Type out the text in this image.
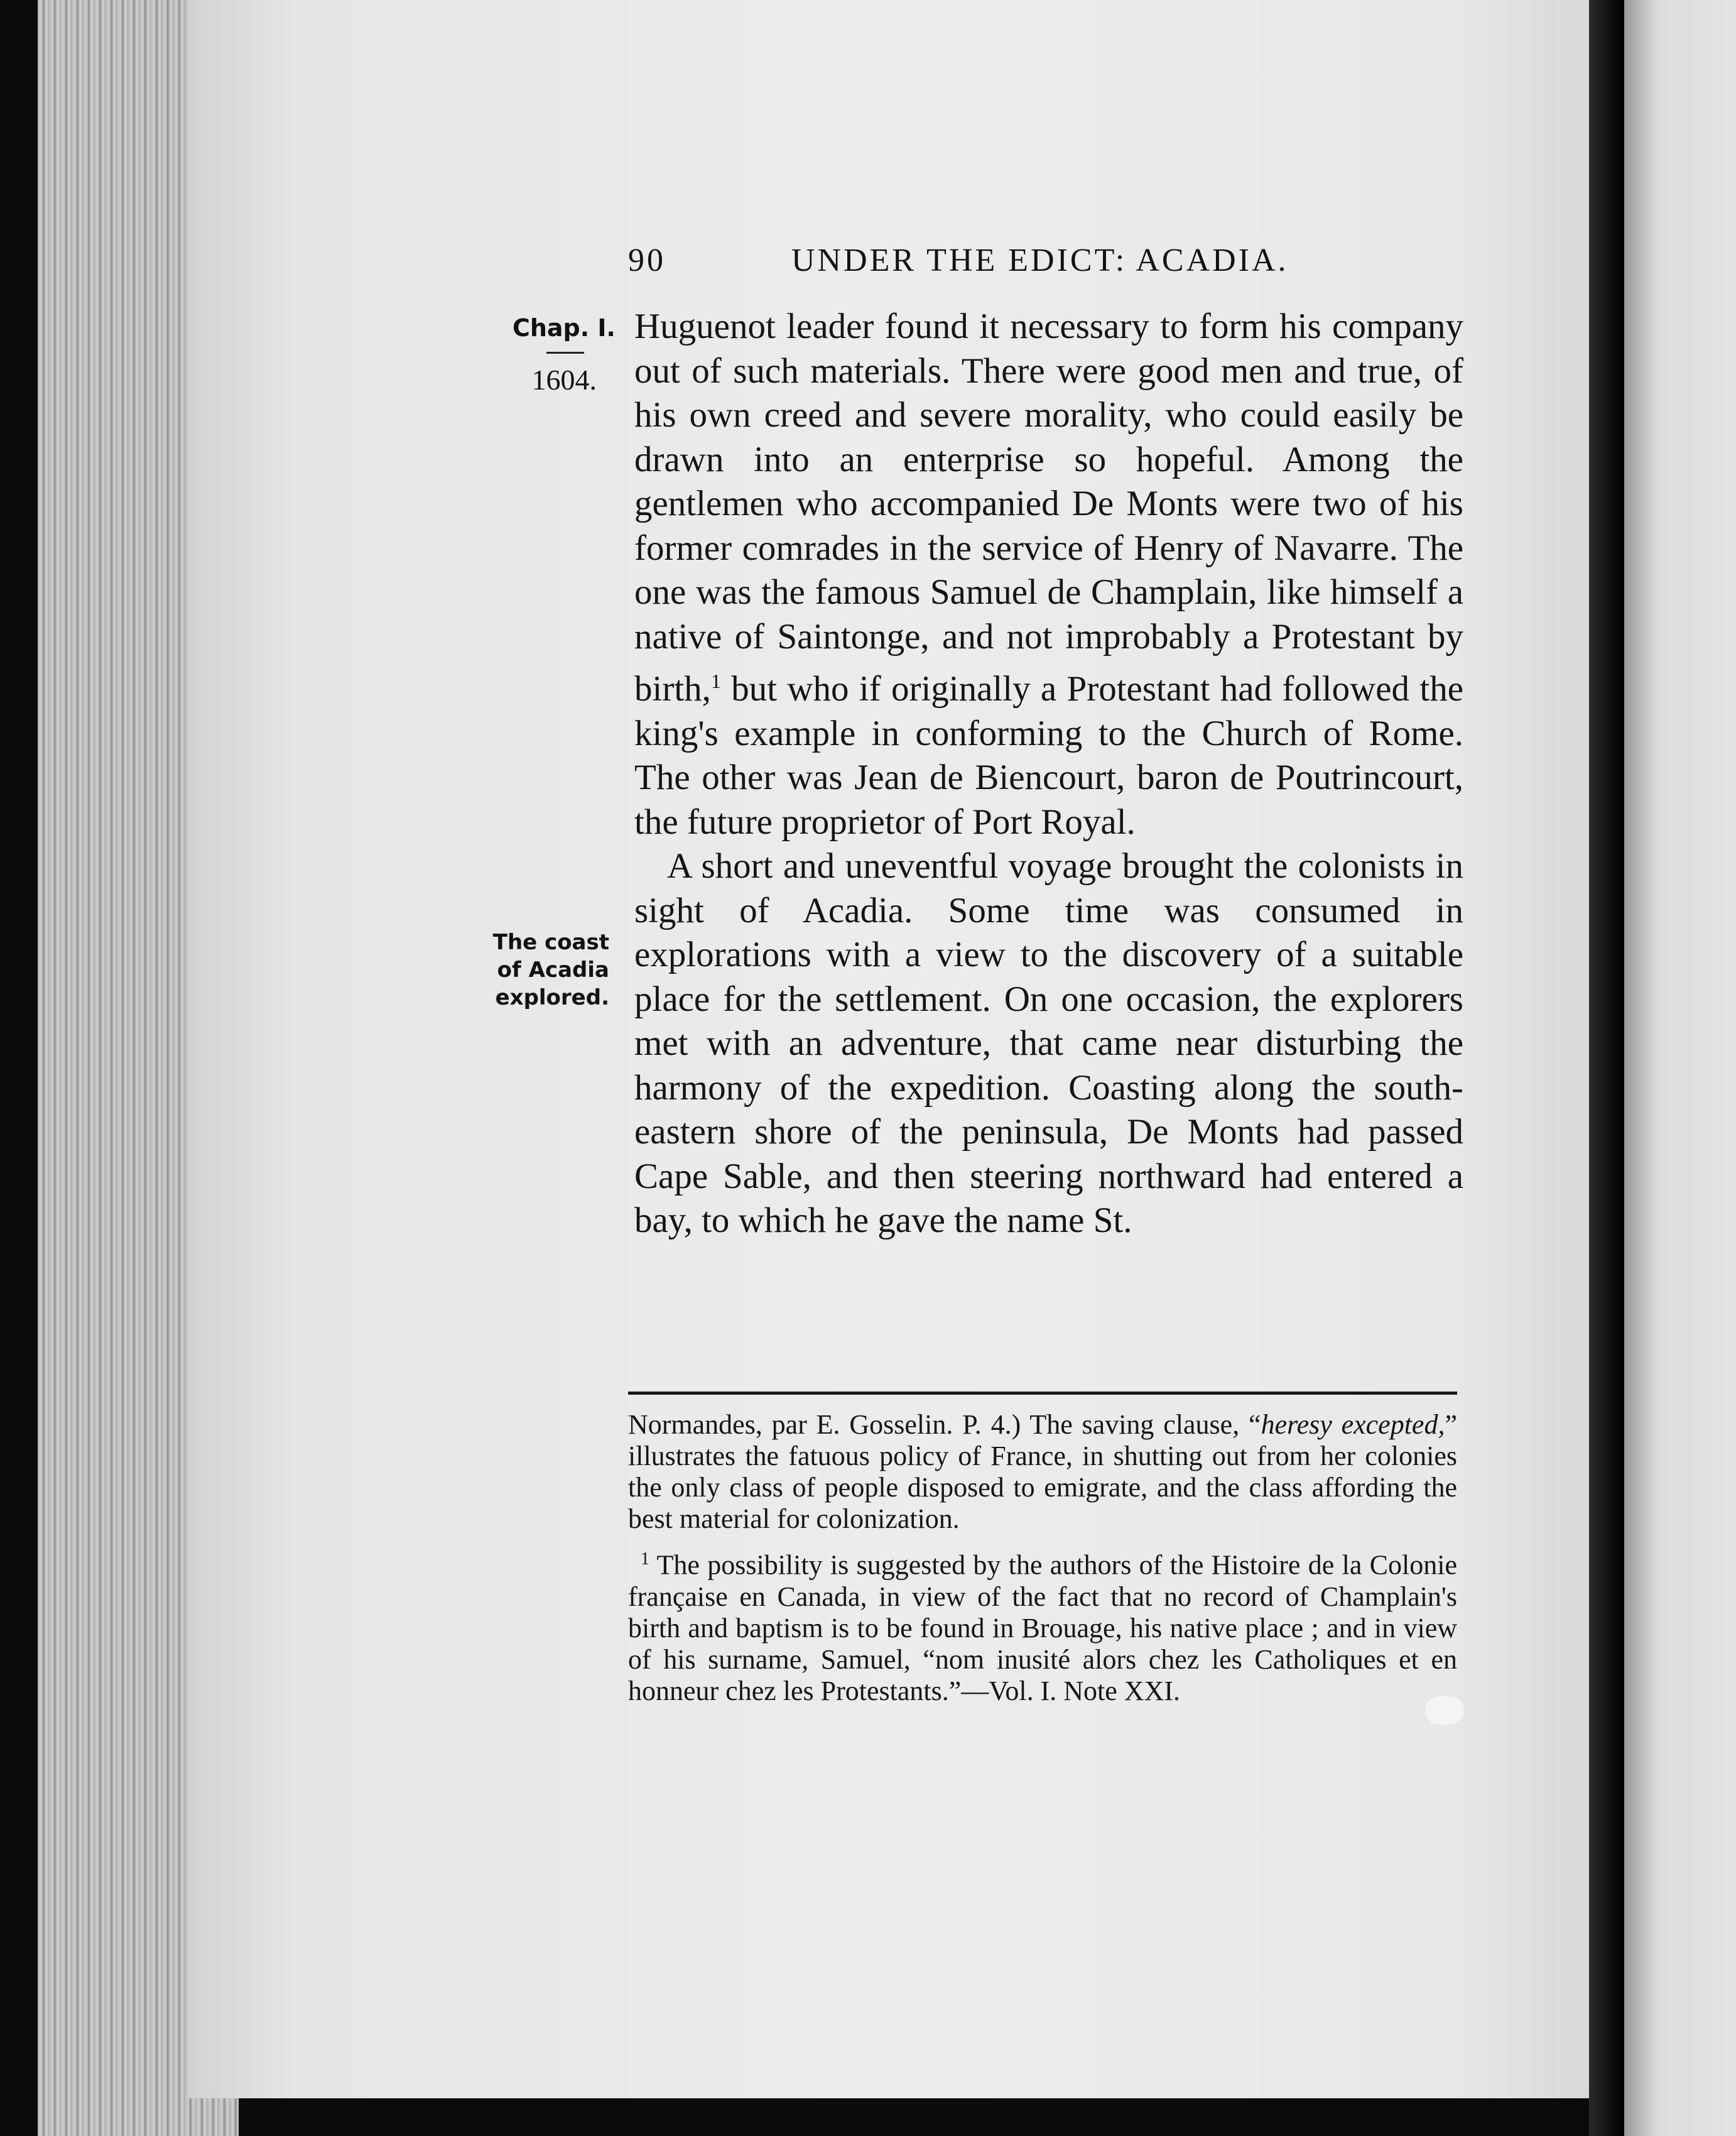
90	UNDER THE EDICT: ACADIA.
Chap. I.
1604.
The coast of Acadia explored.

Huguenot leader found it necessary to form his company out of such materials. There were good men and true, of his own creed and severe morality, who could easily be drawn into an enterprise so hopeful. Among the gentlemen who accompanied De Monts were two of his former comrades in the service of Henry of Navarre. The one was the famous Samuel de Champlain, like himself a native of Saintonge, and not improbably a Protestant by birth,$^1$ but who if originally a Protestant had followed the king's example in conforming to the Church of Rome. The other was Jean de Biencourt, baron de Poutrincourt, the future proprietor of Port Royal.

A short and uneventful voyage brought the colonists in sight of Acadia. Some time was consumed in explorations with a view to the discovery of a suitable place for the settlement. On one occasion, the explorers met with an adventure, that came near disturbing the harmony of the expedition. Coasting along the south-eastern shore of the peninsula, De Monts had passed Cape Sable, and then steering northward had entered a bay, to which he gave the name St.

Normandes, par E. Gosselin. P. 4.) The saving clause, “heresy excepted,” illustrates the fatuous policy of France, in shutting out from her colonies the only class of people disposed to emigrate, and the class affording the best material for colonization.

$^1$ The possibility is suggested by the authors of the Histoire de la Colonie française en Canada, in view of the fact that no record of Champlain's birth and baptism is to be found in Brouage, his native place ; and in view of his surname, Samuel, “nom inusité alors chez les Catholiques et en honneur chez les Protestants.”—Vol. I. Note XXI.
